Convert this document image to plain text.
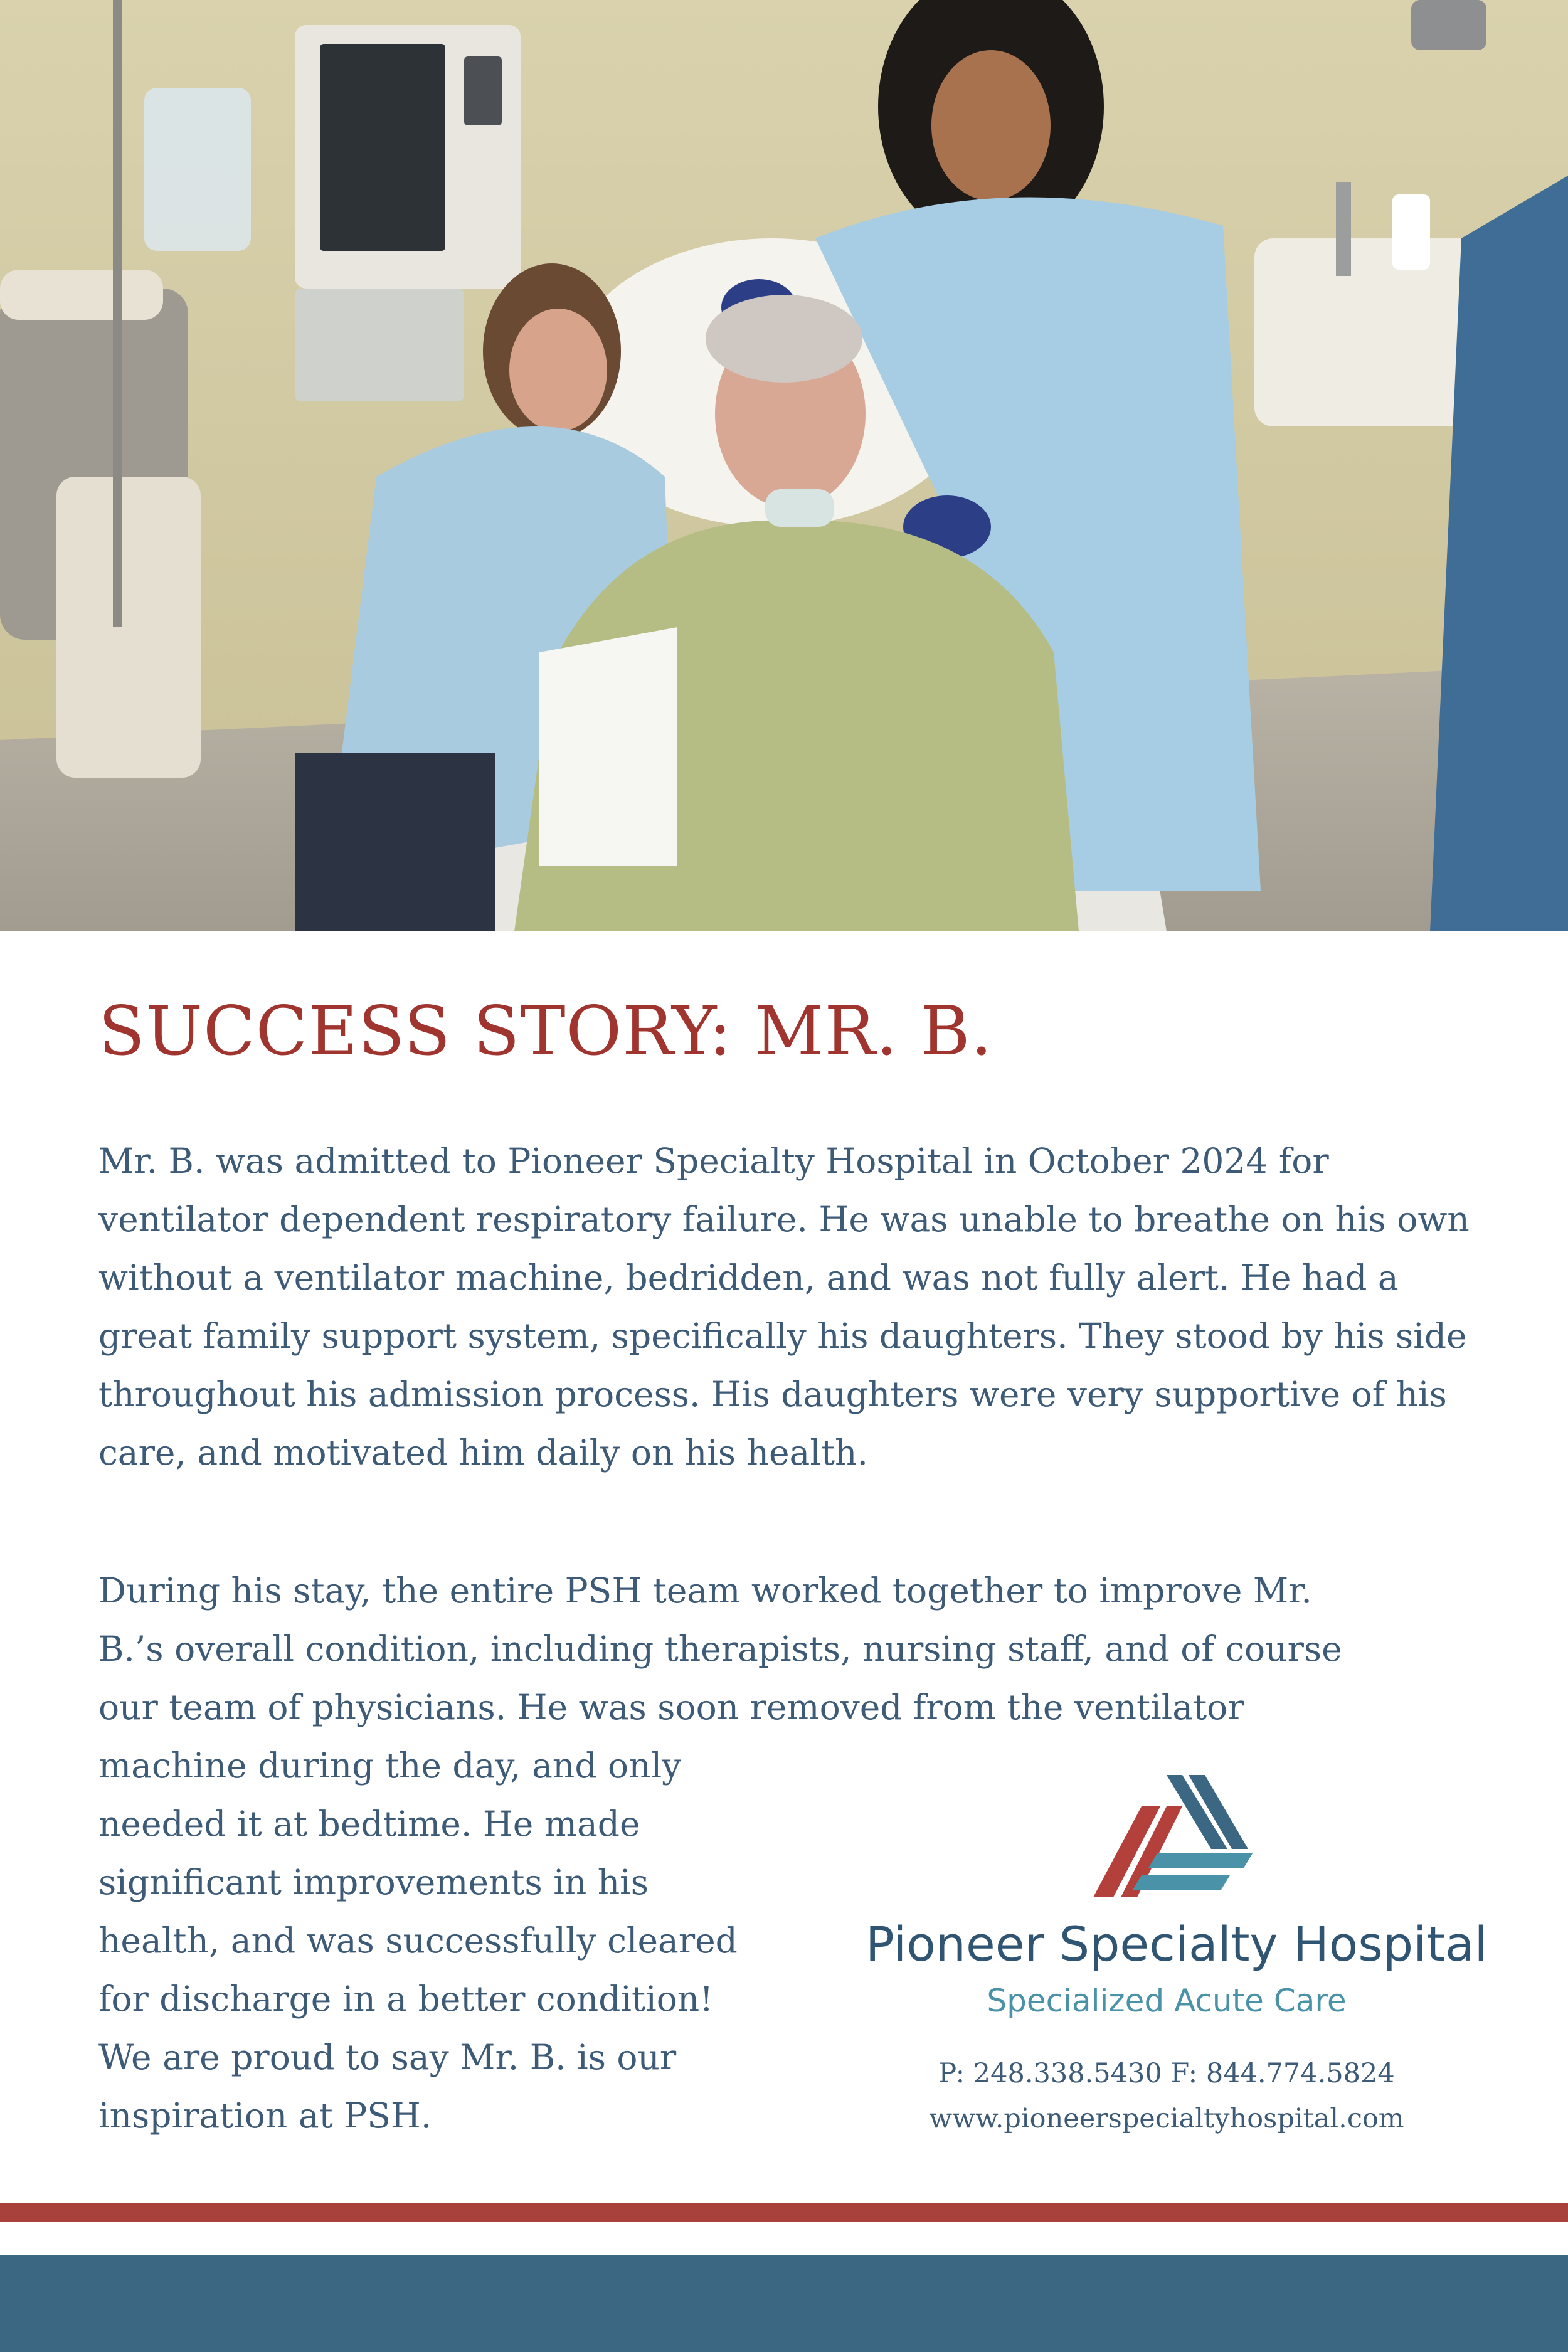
SUCCESS STORY: MR. B.

Mr. B. was admitted to Pioneer Specialty Hospital in October 2024 for ventilator dependent respiratory failure. He was unable to breathe on his own without a ventilator machine, bedridden, and was not fully alert. He had a great family support system, specifically his daughters. They stood by his side throughout his admission process. His daughters were very supportive of his care, and motivated him daily on his health.

During his stay, the entire PSH team worked together to improve Mr.
B.’s overall condition, including therapists, nursing staff, and of course
our team of physicians. He was soon removed from the ventilator
machine during the day, and only
needed it at bedtime. He made
significant improvements in his
health, and was successfully cleared
for discharge in a better condition!
We are proud to say Mr. B. is our
inspiration at PSH.

Pioneer Specialty Hospital
Specialized Acute Care
P: 248.338.5430 F: 844.774.5824
www.pioneerspecialtyhospital.com
